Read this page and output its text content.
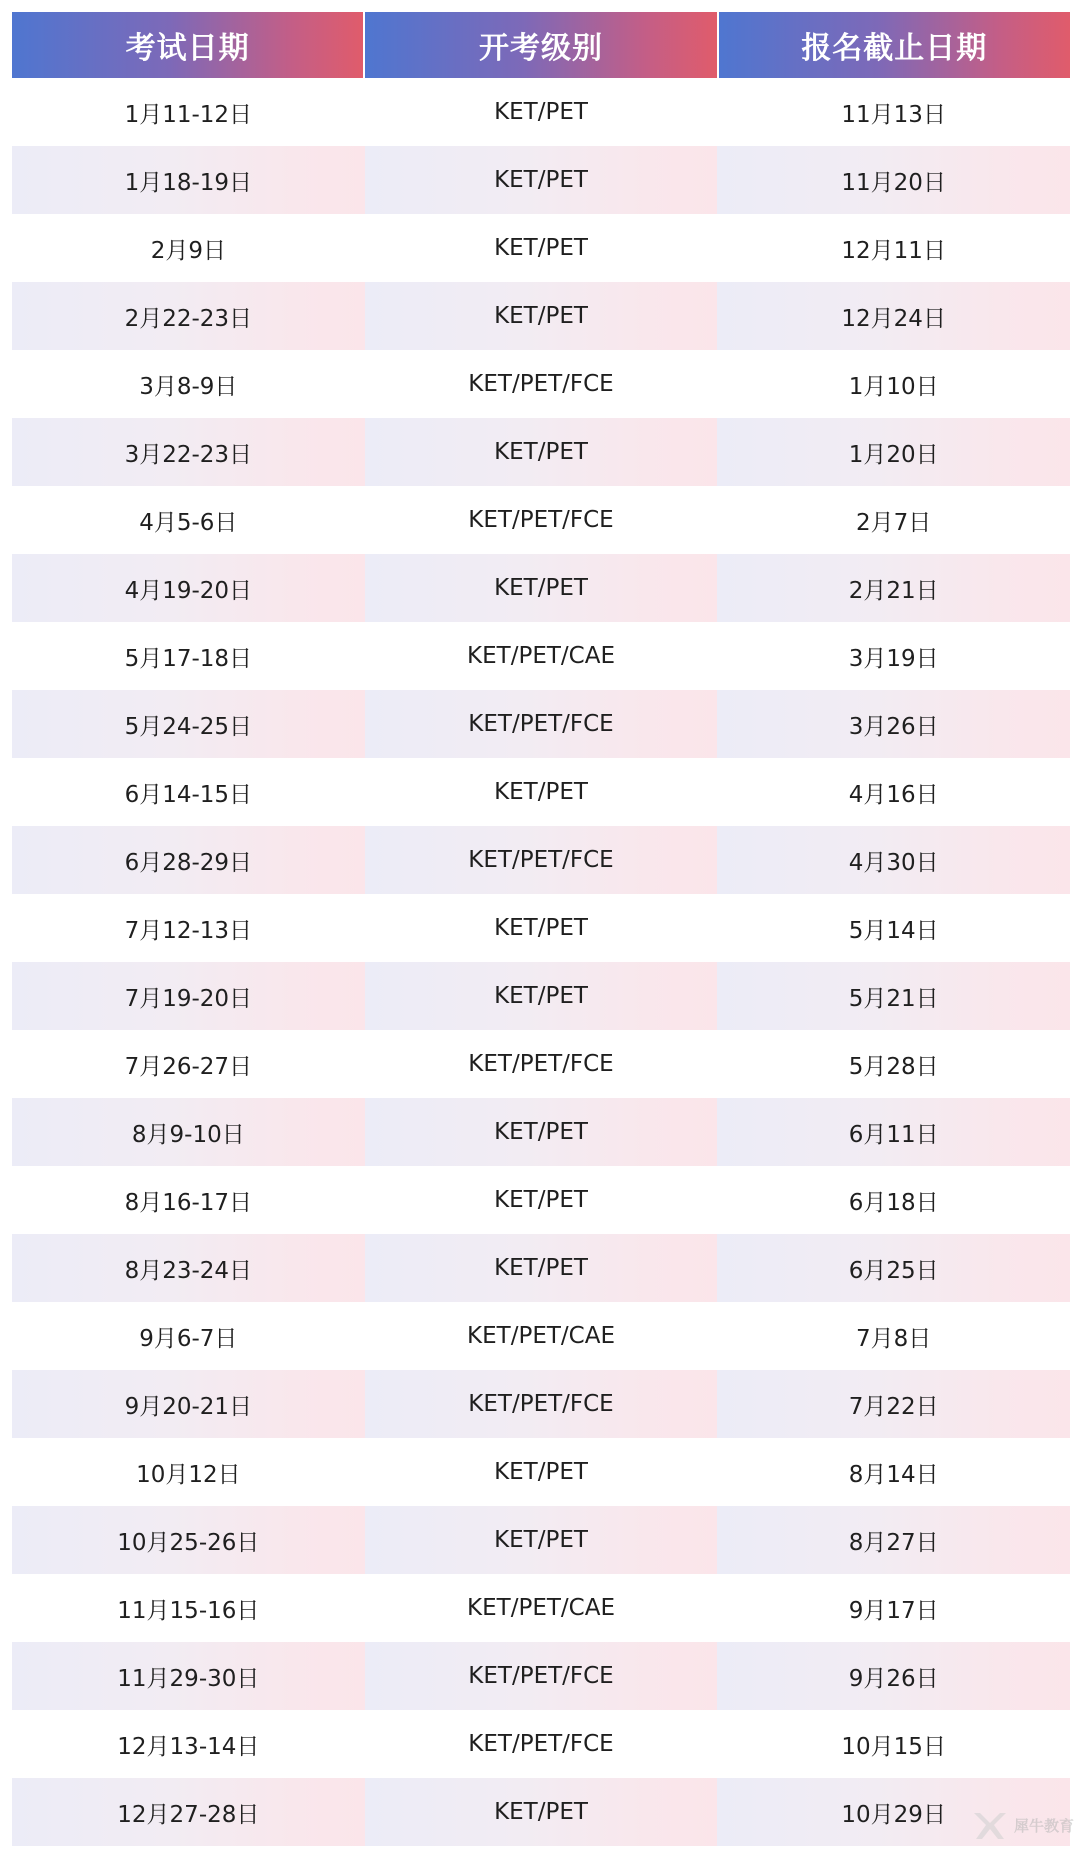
考试日期	开考级别	报名截止日期
1月11-12日	KET/PET	11月13日
1月18-19日	KET/PET	11月20日
2月9日	KET/PET	12月11日
2月22-23日	KET/PET	12月24日
3月8-9日	KET/PET/FCE	1月10日
3月22-23日	KET/PET	1月20日
4月5-6日	KET/PET/FCE	2月7日
4月19-20日	KET/PET	2月21日
5月17-18日	KET/PET/CAE	3月19日
5月24-25日	KET/PET/FCE	3月26日
6月14-15日	KET/PET	4月16日
6月28-29日	KET/PET/FCE	4月30日
7月12-13日	KET/PET	5月14日
7月19-20日	KET/PET	5月21日
7月26-27日	KET/PET/FCE	5月28日
8月9-10日	KET/PET	6月11日
8月16-17日	KET/PET	6月18日
8月23-24日	KET/PET	6月25日
9月6-7日	KET/PET/CAE	7月8日
9月20-21日	KET/PET/FCE	7月22日
10月12日	KET/PET	8月14日
10月25-26日	KET/PET	8月27日
11月15-16日	KET/PET/CAE	9月17日
11月29-30日	KET/PET/FCE	9月26日
12月13-14日	KET/PET/FCE	10月15日
12月27-28日	KET/PET	10月29日	犀牛教育
